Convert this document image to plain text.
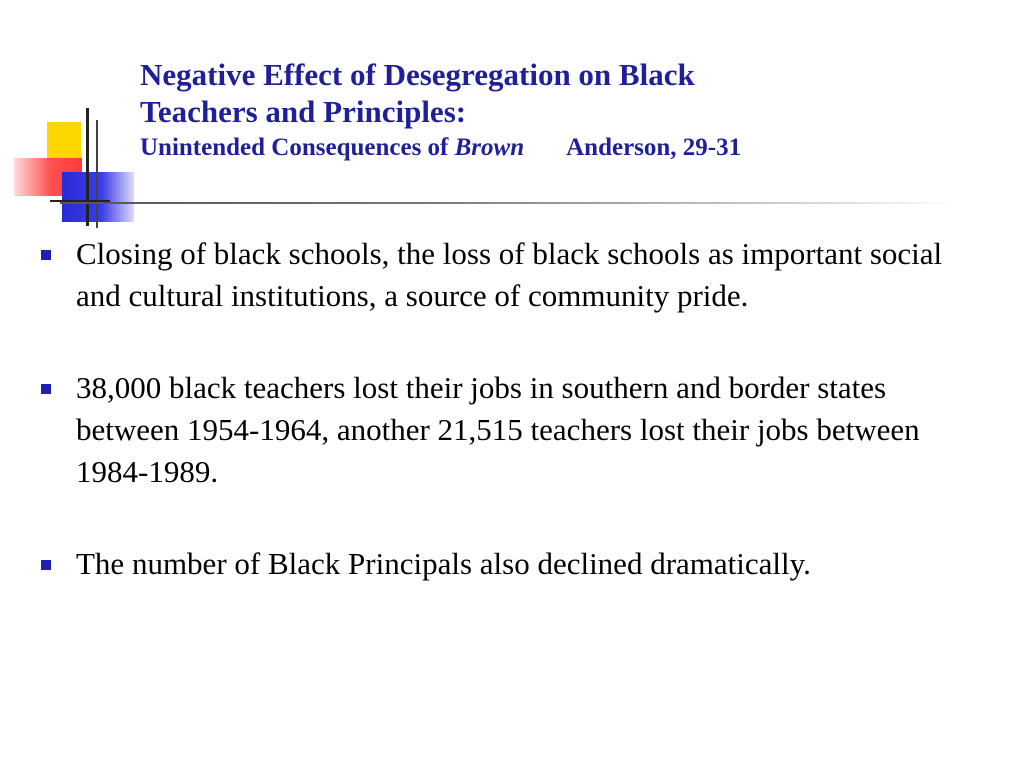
Negative Effect of Desegregation on Black
Teachers and Principles:
Unintended Consequences of Brown Anderson, 29-31
Closing of black schools, the loss of black schools as important social and cultural institutions, a source of community pride.
38,000 black teachers lost their jobs in southern and border states between 1954-1964, another 21,515 teachers lost their jobs between 1984-1989.
The number of Black Principals also declined dramatically.
